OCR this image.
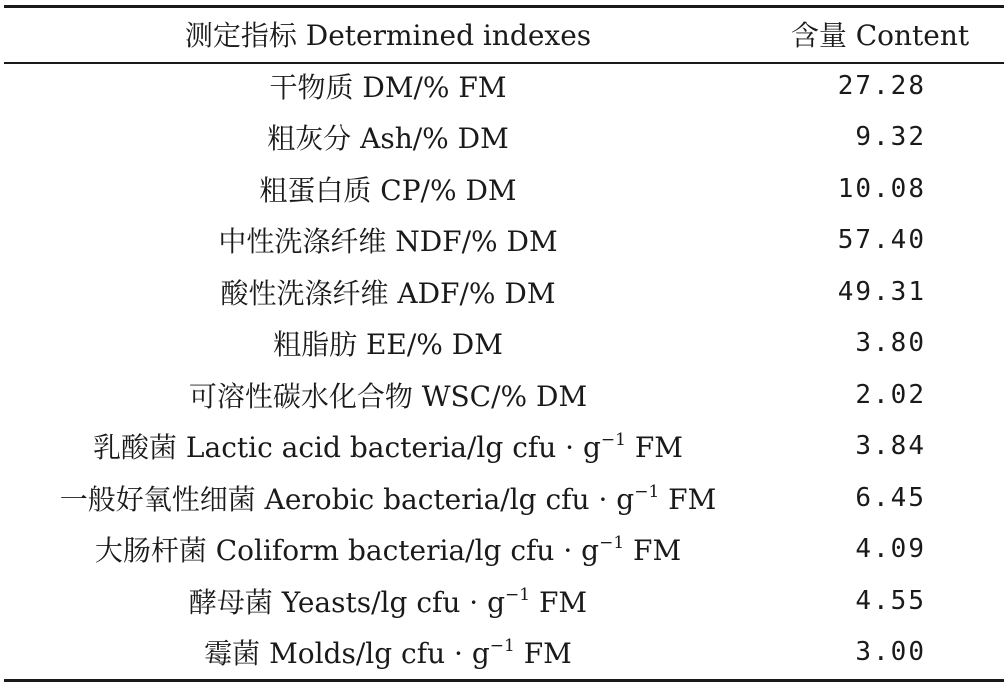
测定指标 Determined indexes	含量 Content
干物质 DM/% FM	27.28
粗灰分 Ash/% DM	9.32
粗蛋白质 CP/% DM	10.08
中性洗涤纤维 NDF/% DM	57.40
酸性洗涤纤维 ADF/% DM	49.31
粗脂肪 EE/% DM	3.80
可溶性碳水化合物 WSC/% DM	2.02
乳酸菌 Lactic acid bacteria/lg cfu · $g^{-1}$ FM	3.84
一般好氧性细菌 Aerobic bacteria/lg cfu · $g^{-1}$ FM	6.45
大肠杆菌 Coliform bacteria/lg cfu · $g^{-1}$ FM	4.09
酵母菌 Yeasts/lg cfu · $g^{-1}$ FM	4.55
霉菌 Molds/lg cfu · $g^{-1}$ FM	3.00
